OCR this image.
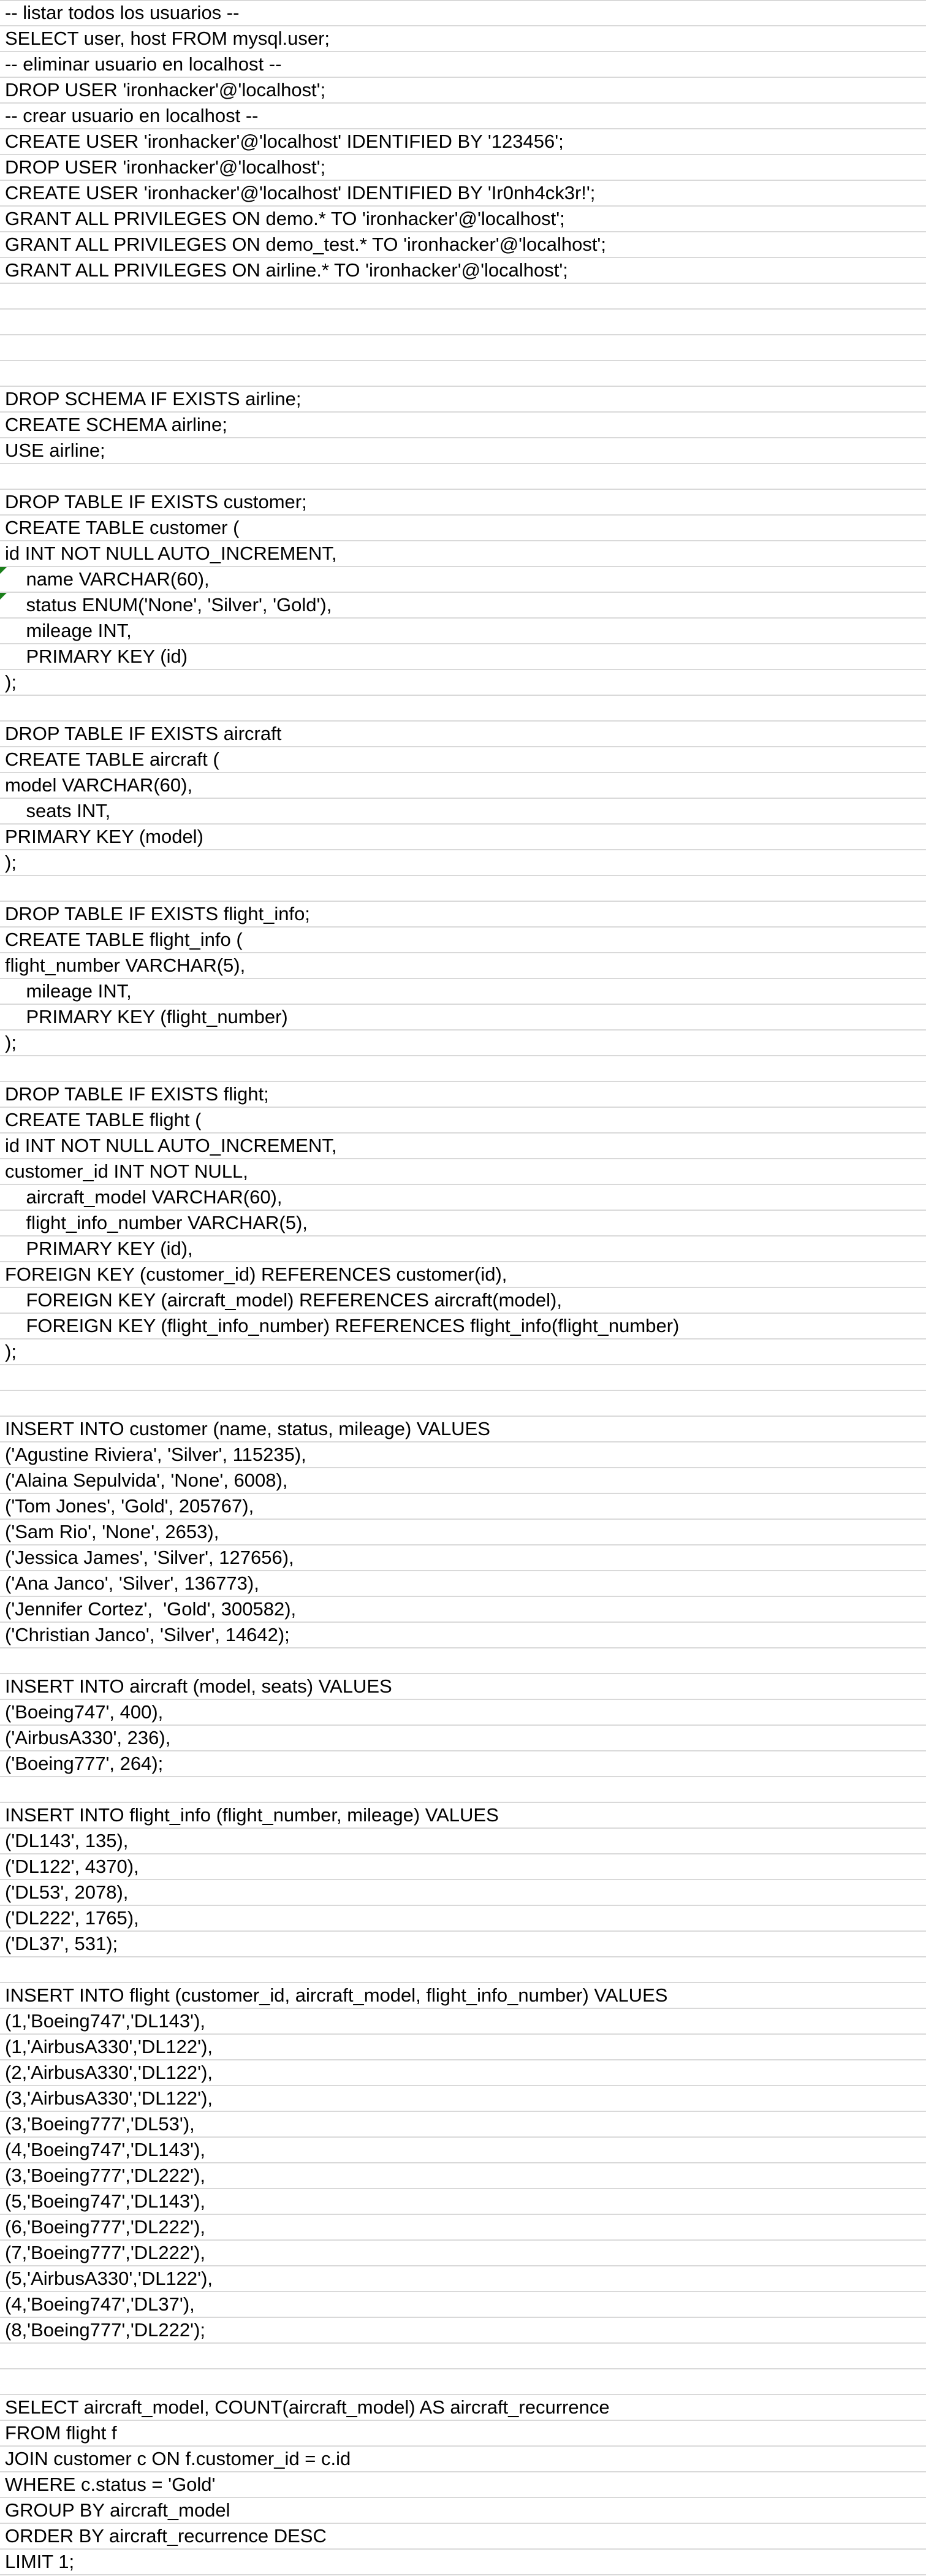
-- listar todos los usuarios --
SELECT user, host FROM mysql.user;
-- eliminar usuario en localhost --
DROP USER 'ironhacker'@'localhost';
-- crear usuario en localhost --
CREATE USER 'ironhacker'@'localhost' IDENTIFIED BY '123456';
DROP USER 'ironhacker'@'localhost';
CREATE USER 'ironhacker'@'localhost' IDENTIFIED BY 'Ir0nh4ck3r!';
GRANT ALL PRIVILEGES ON demo.* TO 'ironhacker'@'localhost';
GRANT ALL PRIVILEGES ON demo_test.* TO 'ironhacker'@'localhost';
GRANT ALL PRIVILEGES ON airline.* TO 'ironhacker'@'localhost';
DROP SCHEMA IF EXISTS airline;
CREATE SCHEMA airline;
USE airline;
DROP TABLE IF EXISTS customer;
CREATE TABLE customer (
id INT NOT NULL AUTO_INCREMENT,
name VARCHAR(60),
status ENUM('None', 'Silver', 'Gold'),
mileage INT,
PRIMARY KEY (id)
);
DROP TABLE IF EXISTS aircraft
CREATE TABLE aircraft (
model VARCHAR(60),
seats INT,
PRIMARY KEY (model)
);
DROP TABLE IF EXISTS flight_info;
CREATE TABLE flight_info (
flight_number VARCHAR(5),
mileage INT,
PRIMARY KEY (flight_number)
);
DROP TABLE IF EXISTS flight;
CREATE TABLE flight (
id INT NOT NULL AUTO_INCREMENT,
customer_id INT NOT NULL,
aircraft_model VARCHAR(60),
flight_info_number VARCHAR(5),
PRIMARY KEY (id),
FOREIGN KEY (customer_id) REFERENCES customer(id),
FOREIGN KEY (aircraft_model) REFERENCES aircraft(model),
FOREIGN KEY (flight_info_number) REFERENCES flight_info(flight_number)
);
INSERT INTO customer (name, status, mileage) VALUES
('Agustine Riviera', 'Silver', 115235),
('Alaina Sepulvida', 'None', 6008),
('Tom Jones', 'Gold', 205767),
('Sam Rio', 'None', 2653),
('Jessica James', 'Silver', 127656),
('Ana Janco', 'Silver', 136773),
('Jennifer Cortez',  'Gold', 300582),
('Christian Janco', 'Silver', 14642);
INSERT INTO aircraft (model, seats) VALUES
('Boeing747', 400),
('AirbusA330', 236),
('Boeing777', 264);
INSERT INTO flight_info (flight_number, mileage) VALUES
('DL143', 135),
('DL122', 4370),
('DL53', 2078),
('DL222', 1765),
('DL37', 531);
INSERT INTO flight (customer_id, aircraft_model, flight_info_number) VALUES
(1,'Boeing747','DL143'),
(1,'AirbusA330','DL122'),
(2,'AirbusA330','DL122'),
(3,'AirbusA330','DL122'),
(3,'Boeing777','DL53'),
(4,'Boeing747','DL143'),
(3,'Boeing777','DL222'),
(5,'Boeing747','DL143'),
(6,'Boeing777','DL222'),
(7,'Boeing777','DL222'),
(5,'AirbusA330','DL122'),
(4,'Boeing747','DL37'),
(8,'Boeing777','DL222');
SELECT aircraft_model, COUNT(aircraft_model) AS aircraft_recurrence
FROM flight f
JOIN customer c ON f.customer_id = c.id
WHERE c.status = 'Gold'
GROUP BY aircraft_model
ORDER BY aircraft_recurrence DESC
LIMIT 1;
